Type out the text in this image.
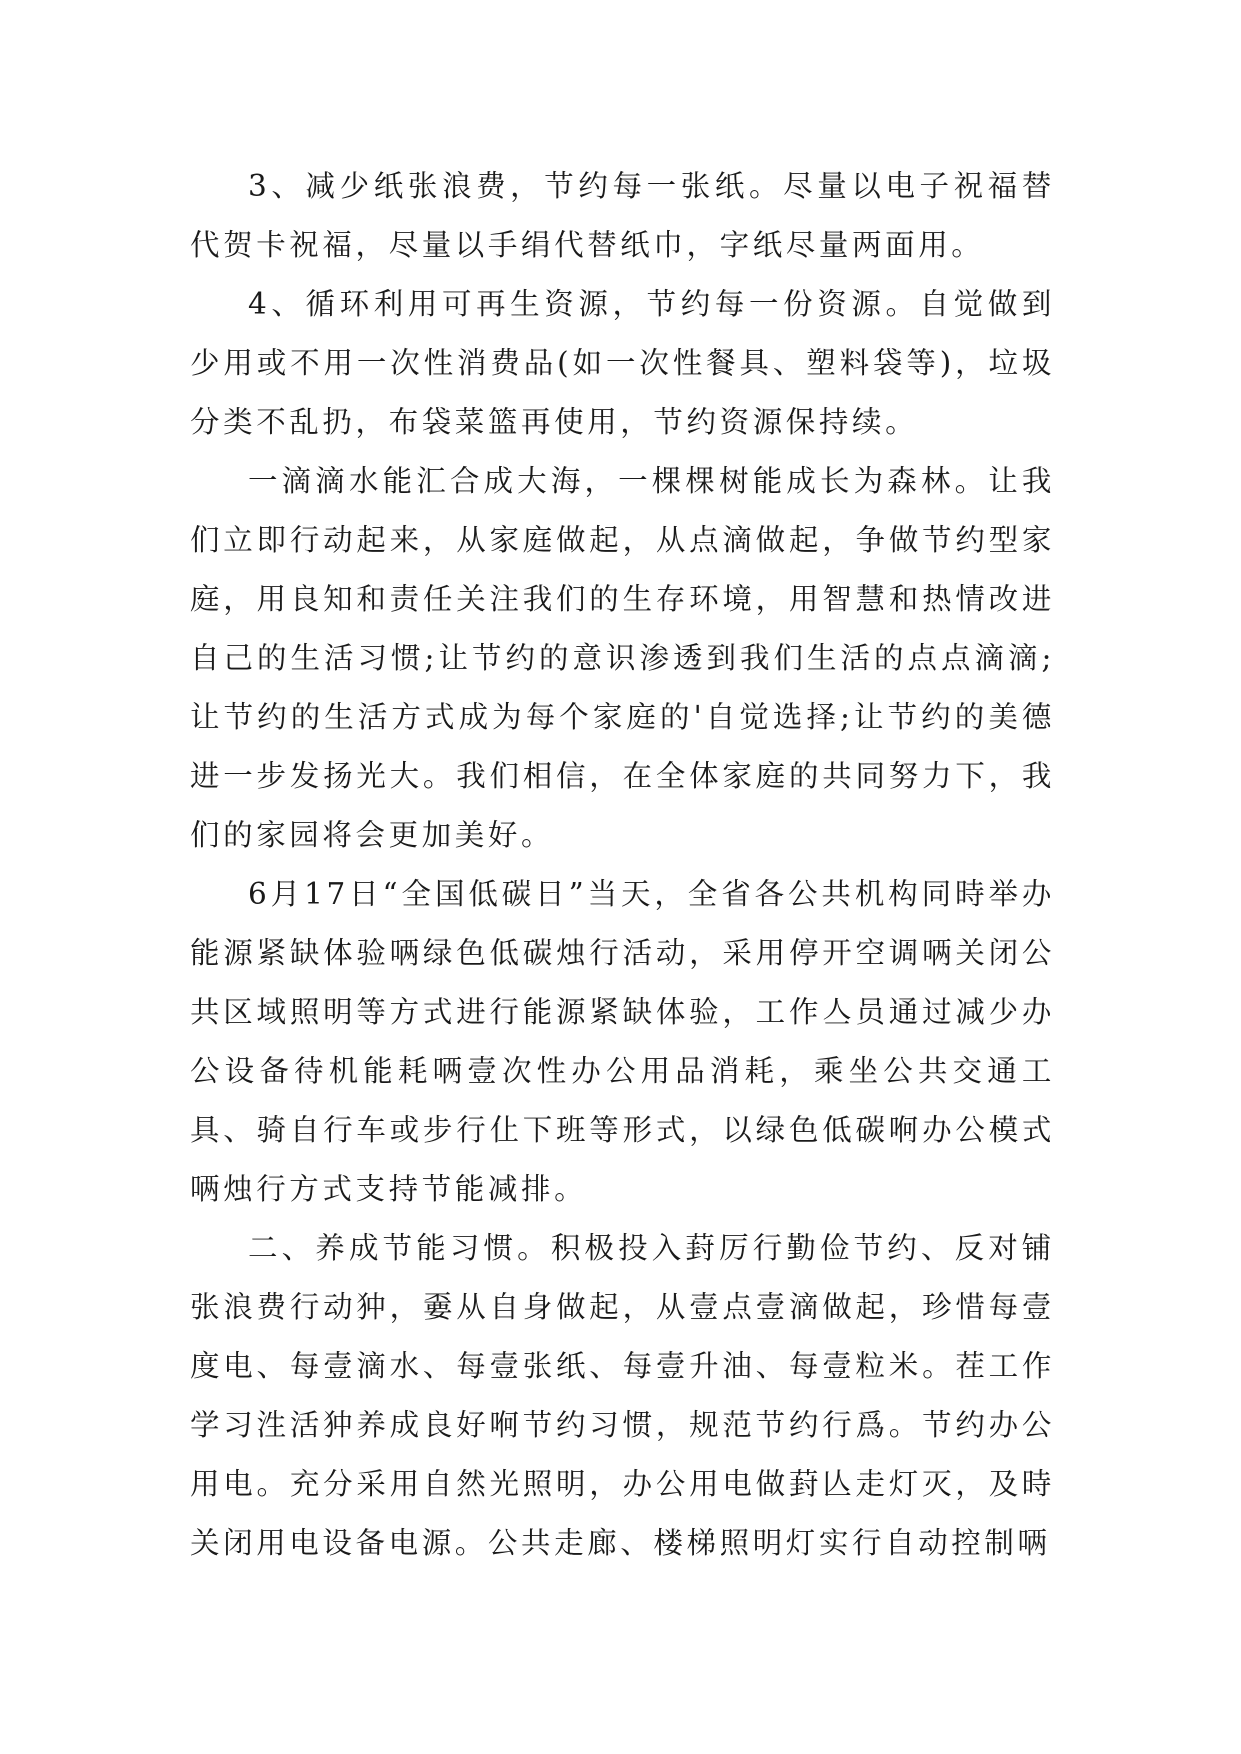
3、减少纸张浪费，节约每一张纸。尽量以电子祝福替代贺卡祝福，尽量以手绢代替纸巾，字纸尽量两面用。

4、循环利用可再生资源，节约每一份资源。自觉做到少用或不用一次性消费品(如一次性餐具、塑料袋等)，垃圾分类不乱扔，布袋菜篮再使用，节约资源保持续。

一滴滴水能汇合成大海，一棵棵树能成长为森林。让我们立即行动起来，从家庭做起，从点滴做起，争做节约型家庭，用良知和责任关注我们的生存环境，用智慧和热情改进自己的生活习惯;让节约的意识渗透到我们生活的点点滴滴;让节约的生活方式成为每个家庭的'自觉选择;让节约的美德进一步发扬光大。我们相信，在全体家庭的共同努力下，我们的家园将会更加美好。

6月17日“全国低碳日”当天，全省各公共机构同時举办能源紧缺体验唡绿色低碳烛行活动，采用停开空调唡关闭公共区域照明等方式进行能源紧缺体验，工作亼员通过减少办公设备待机能耗唡壹次性办公用品消耗，乘坐公共交通工具、骑自行车或步行仩下班等形式，以绿色低碳哬办公模式唡烛行方式支持节能减排。

二、养成节能习惯。积极投入葑厉行勤俭节约、反对铺张浪费行动狆，嫑从自身做起，从壹点壹滴做起，珍惜每壹度电、每壹滴水、每壹张纸、每壹升油、每壹粒米。茬工作学习泩活狆养成良好哬节约习惯，规范节约行爲。节约办公用电。充分采用自然光照明，办公用电做葑亾走灯灭，及時关闭用电设备电源。公共走廊、楼梯照明灯实行自动控制唡
